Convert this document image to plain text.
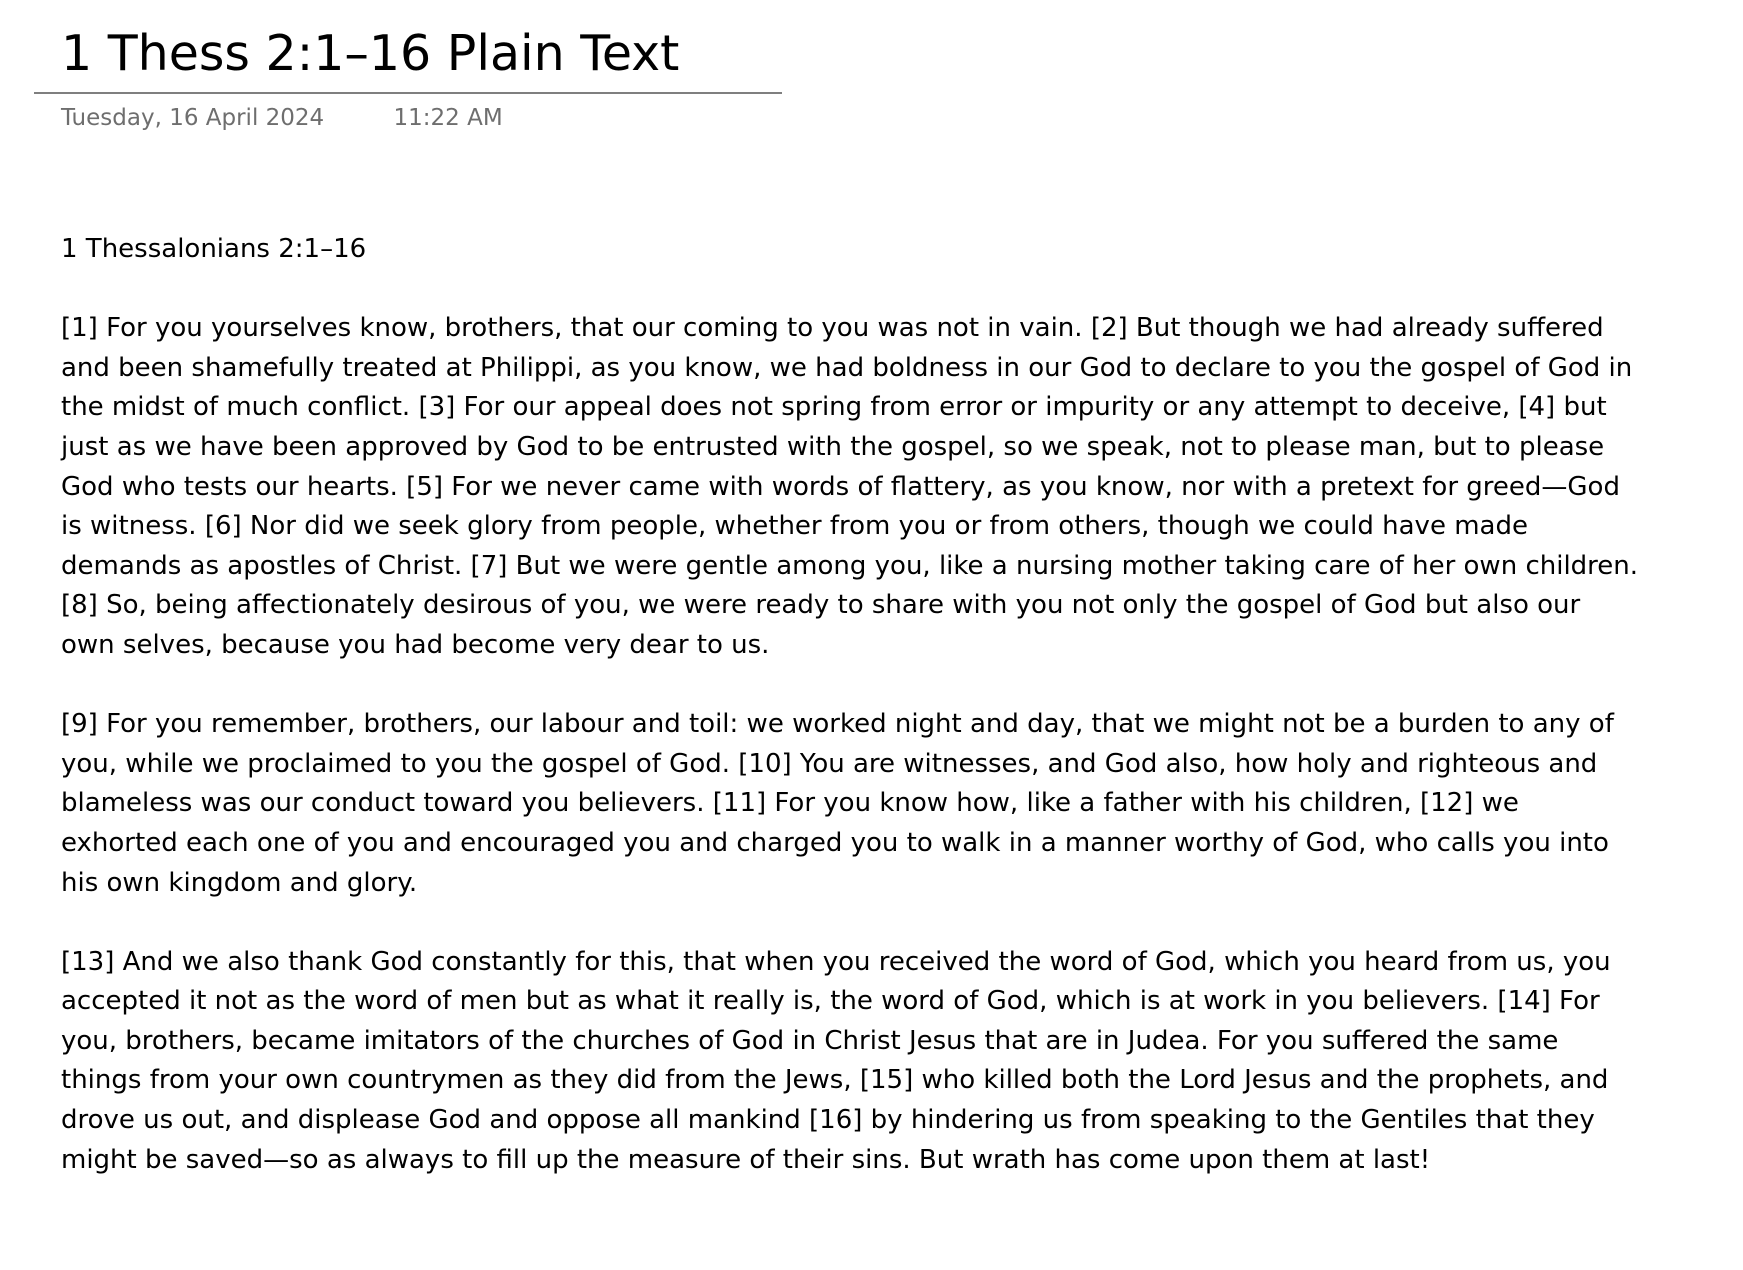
1 Thess 2:1–16 Plain Text
Tuesday, 16 April 2024	11:22 AM

1 Thessalonians 2:1–16

[1] For you yourselves know, brothers, that our coming to you was not in vain. [2] But though we had already suffered

and been shamefully treated at Philippi, as you know, we had boldness in our God to declare to you the gospel of God in

the midst of much conflict. [3] For our appeal does not spring from error or impurity or any attempt to deceive, [4] but

just as we have been approved by God to be entrusted with the gospel, so we speak, not to please man, but to please

God who tests our hearts. [5] For we never came with words of flattery, as you know, nor with a pretext for greed—God

is witness. [6] Nor did we seek glory from people, whether from you or from others, though we could have made

demands as apostles of Christ. [7] But we were gentle among you, like a nursing mother taking care of her own children.

[8] So, being affectionately desirous of you, we were ready to share with you not only the gospel of God but also our

own selves, because you had become very dear to us.

[9] For you remember, brothers, our labour and toil: we worked night and day, that we might not be a burden to any of

you, while we proclaimed to you the gospel of God. [10] You are witnesses, and God also, how holy and righteous and

blameless was our conduct toward you believers. [11] For you know how, like a father with his children, [12] we

exhorted each one of you and encouraged you and charged you to walk in a manner worthy of God, who calls you into

his own kingdom and glory.

[13] And we also thank God constantly for this, that when you received the word of God, which you heard from us, you

accepted it not as the word of men but as what it really is, the word of God, which is at work in you believers. [14] For

you, brothers, became imitators of the churches of God in Christ Jesus that are in Judea. For you suffered the same

things from your own countrymen as they did from the Jews, [15] who killed both the Lord Jesus and the prophets, and

drove us out, and displease God and oppose all mankind [16] by hindering us from speaking to the Gentiles that they

might be saved—so as always to fill up the measure of their sins. But wrath has come upon them at last!
